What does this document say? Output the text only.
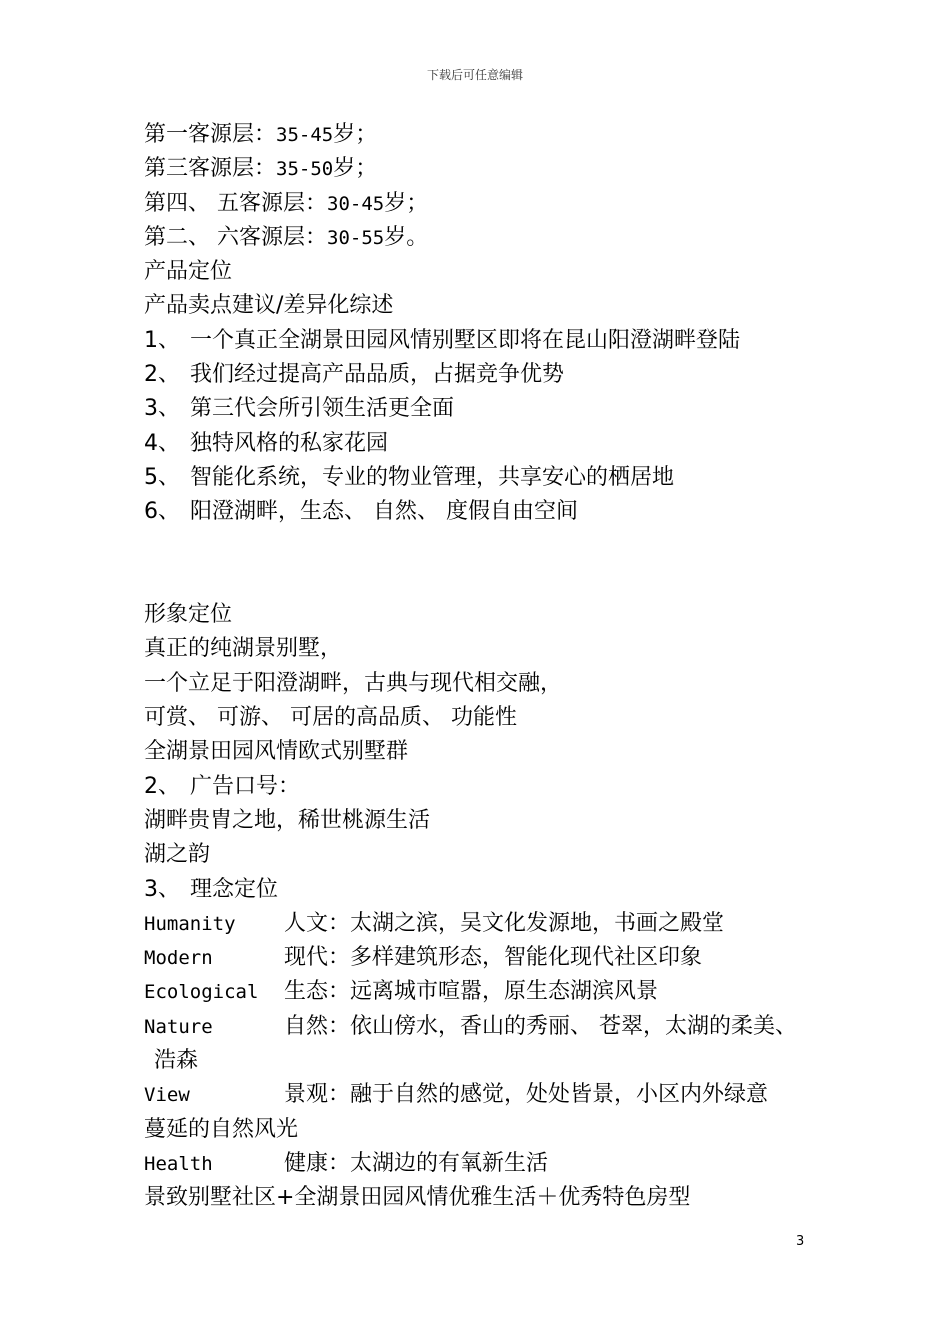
下载后可任意编辑
第一客源层：35-45岁；
第三客源层：35-50岁；
第四、 五客源层：30-45岁；
第二、 六客源层：30-55岁。
产品定位
产品卖点建议/差异化综述
1、 一个真正全湖景田园风情别墅区即将在昆山阳澄湖畔登陆
2、 我们经过提高产品品质，占据竞争优势
3、 第三代会所引领生活更全面
4、 独特风格的私家花园
5、 智能化系统，专业的物业管理，共享安心的栖居地
6、 阳澄湖畔，生态、 自然、 度假自由空间
形象定位
真正的纯湖景别墅，
一个立足于阳澄湖畔，古典与现代相交融，
可赏、 可游、 可居的高品质、 功能性
全湖景田园风情欧式别墅群
2、 广告口号：
湖畔贵胄之地，稀世桃源生活
湖之韵
3、 理念定位
Humanity 人文：太湖之滨，吴文化发源地，书画之殿堂
Modern	现代：多样建筑形态，智能化现代社区印象
Ecological 生态：远离城市喧嚣，原生态湖滨风景
Nature	自然：依山傍水，香山的秀丽、 苍翠，太湖的柔美、
浩森
View	景观：融于自然的感觉，处处皆景，小区内外绿意
蔓延的自然风光
Health	健康：太湖边的有氧新生活
景致别墅社区+全湖景田园风情优雅生活＋优秀特色房型
3
